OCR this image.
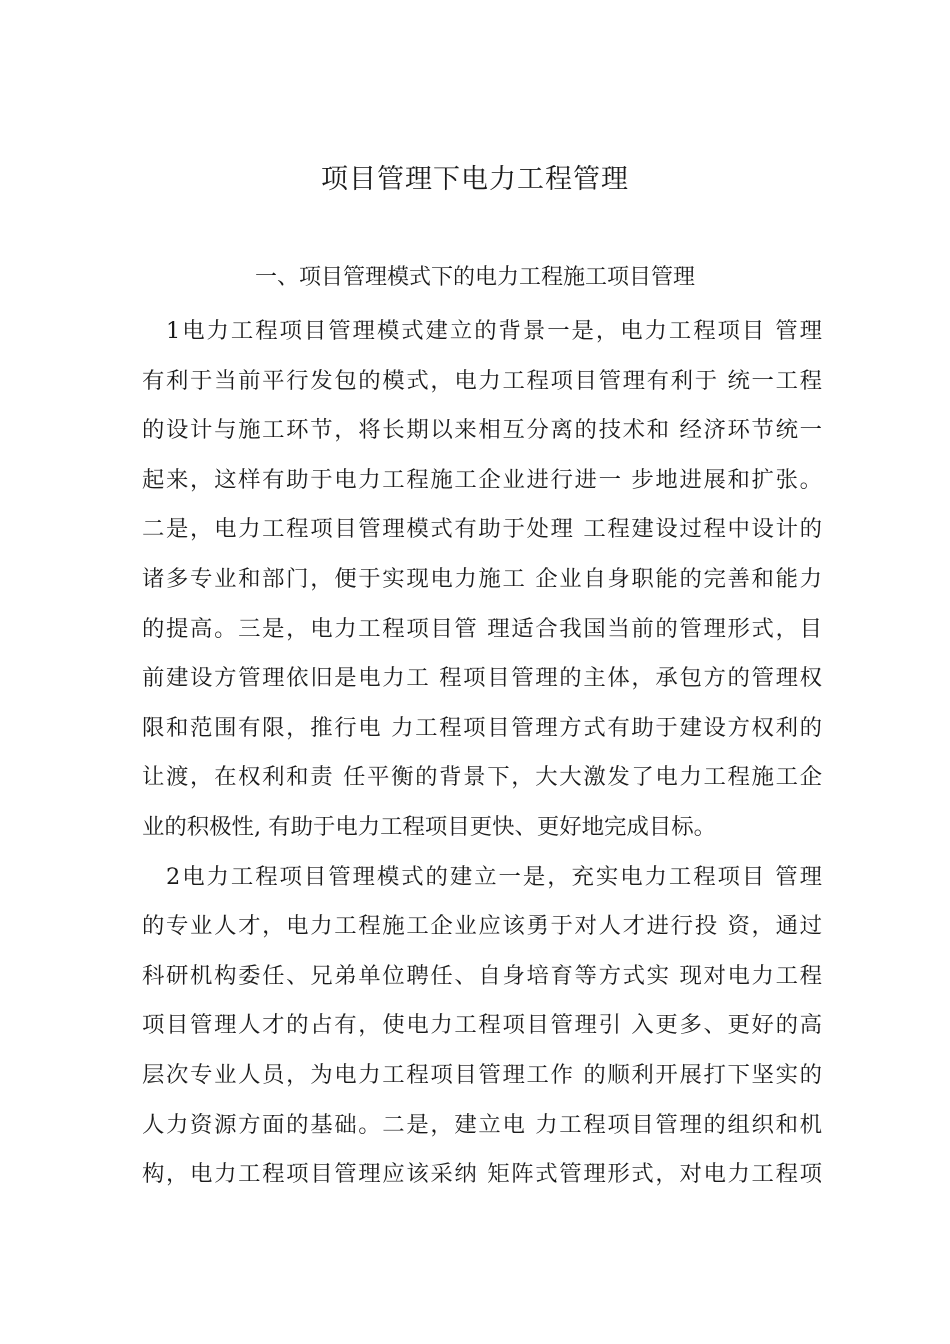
项目管理下电力工程管理
一、项目管理模式下的电力工程施工项目管理
1电力工程项目管理模式建立的背景一是，电力工程项目 管理
有利于当前平行发包的模式，电力工程项目管理有利于 统一工程
的设计与施工环节，将长期以来相互分离的技术和 经济环节统一
起来，这样有助于电力工程施工企业进行进一 步地进展和扩张。
二是，电力工程项目管理模式有助于处理 工程建设过程中设计的
诸多专业和部门，便于实现电力施工 企业自身职能的完善和能力
的提高。三是，电力工程项目管 理适合我国当前的管理形式，目
前建设方管理依旧是电力工 程项目管理的主体，承包方的管理权
限和范围有限，推行电 力工程项目管理方式有助于建设方权利的
让渡，在权利和责 任平衡的背景下，大大激发了电力工程施工企
业的积极性, 有助于电力工程项目更快、更好地完成目标。
2电力工程项目管理模式的建立一是，充实电力工程项目 管理
的专业人才，电力工程施工企业应该勇于对人才进行投 资，通过
科研机构委任、兄弟单位聘任、自身培育等方式实 现对电力工程
项目管理人才的占有，使电力工程项目管理引 入更多、更好的高
层次专业人员，为电力工程项目管理工作 的顺利开展打下坚实的
人力资源方面的基础。二是，建立电 力工程项目管理的组织和机
构，电力工程项目管理应该采纳 矩阵式管理形式，对电力工程项
